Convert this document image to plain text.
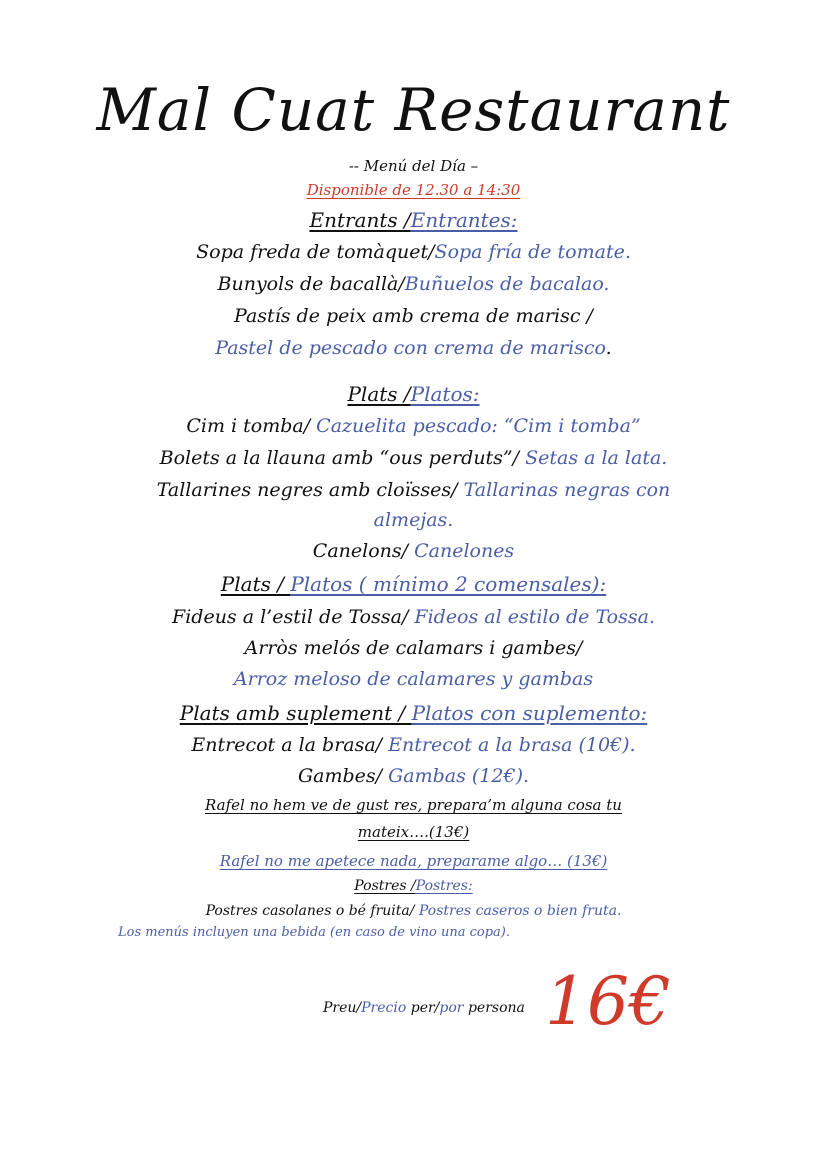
Mal Cuat Restaurant
-- Menú del Día –
Disponible de 12.30 a 14:30
Entrants /Entrantes:
Sopa freda de tomàquet/Sopa fría de tomate.
Bunyols de bacallà/Buñuelos de bacalao.
Pastís de peix amb crema de marisc /
Pastel de pescado con crema de marisco.
Plats /Platos:
Cim i tomba/ Cazuelita pescado: “Cim i tomba”
Bolets a la llauna amb “ous perduts”/ Setas a la lata.
Tallarines negres amb cloïsses/ Tallarinas negras con
almejas.
Canelons/ Canelones
Plats / Platos ( mínimo 2 comensales):
Fideus a l’estil de Tossa/ Fideos al estilo de Tossa.
Arròs melós de calamars i gambes/
Arroz meloso de calamares y gambas
Plats amb suplement / Platos con suplemento:
Entrecot a la brasa/ Entrecot a la brasa (10€).
Gambes/ Gambas (12€).
Rafel no hem ve de gust res, prepara’m alguna cosa tu
mateix….(13€)
Rafel no me apetece nada, preparame algo… (13€)
Postres /Postres:
Postres casolanes o bé fruita/ Postres caseros o bien fruta.
Los menús incluyen una bebida (en caso de vino una copa).
Preu/Precio per/por persona 16€
